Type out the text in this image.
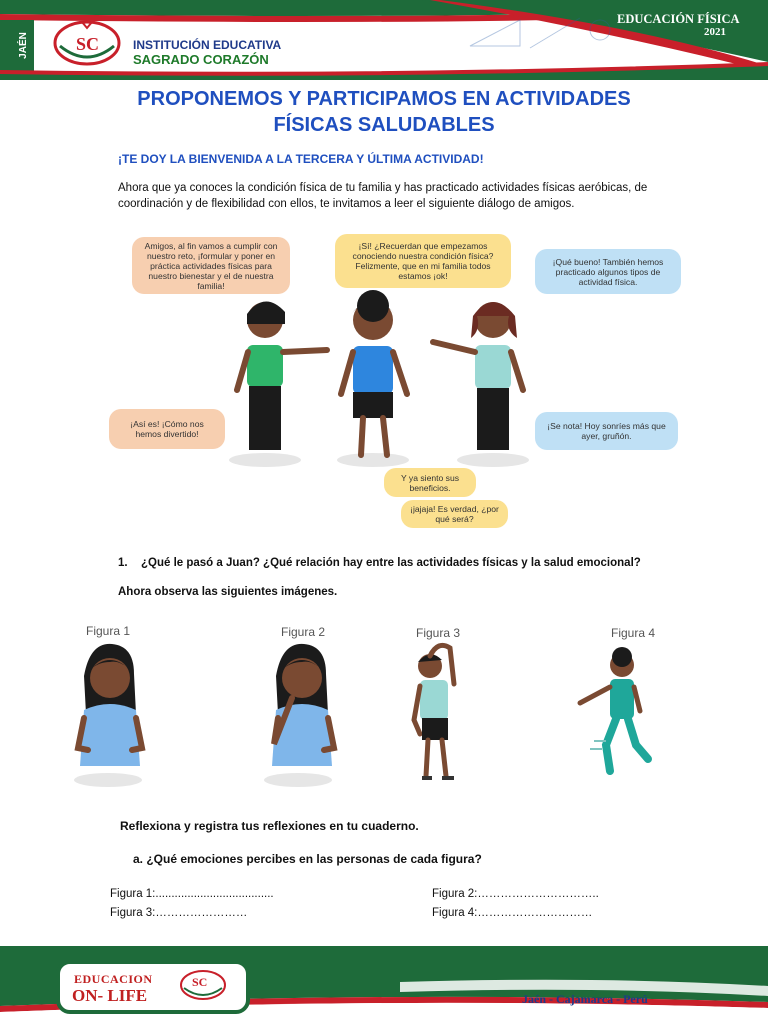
SC
JAÉN	INSTITUCIÓN EDUCATIVA
SAGRADO CORAZÓN
EDUCACIÓN FÍSICA
2021
PROPONEMOS Y PARTICIPAMOS EN ACTIVIDADES
FÍSICAS SALUDABLES
¡TE DOY LA BIENVENIDA A LA TERCERA Y ÚLTIMA ACTIVIDAD!
Ahora que ya conoces la condición física de tu familia y has practicado actividades físicas aeróbicas, de coordinación y de flexibilidad con ellos, te invitamos a leer el siguiente diálogo de amigos.
Amigos, al fin vamos a cumplir con nuestro reto, ¡formular y poner en práctica actividades físicas para nuestro bienestar y el de nuestra familia!
¡Sí! ¿Recuerdan que empezamos conociendo nuestra condición física? Felizmente, que en mi familia todos estamos ¡ok!
¡Qué bueno! También hemos practicado algunos tipos de actividad física.
¡Así es! ¡Cómo nos hemos divertido!
¡Se nota! Hoy sonríes más que ayer, gruñón.
Y ya siento sus beneficios.
¡jajaja! Es verdad, ¿por qué será?
1. ¿Qué le pasó a Juan? ¿Qué relación hay entre las actividades físicas y la salud emocional?
Ahora observa las siguientes imágenes.
Figura 1	Figura 2	Figura 3	Figura 4
Reflexiona y registra tus reflexiones en tu cuaderno.
a. ¿Qué emociones percibes en las personas de cada figura?
Figura 1:.....................................	Figura 2:…………………………..
Figura 3:……………………	Figura 4:…………………………
SC
EDUCACION
ON- LIFE	Jaén - Cajamarca - Perú
